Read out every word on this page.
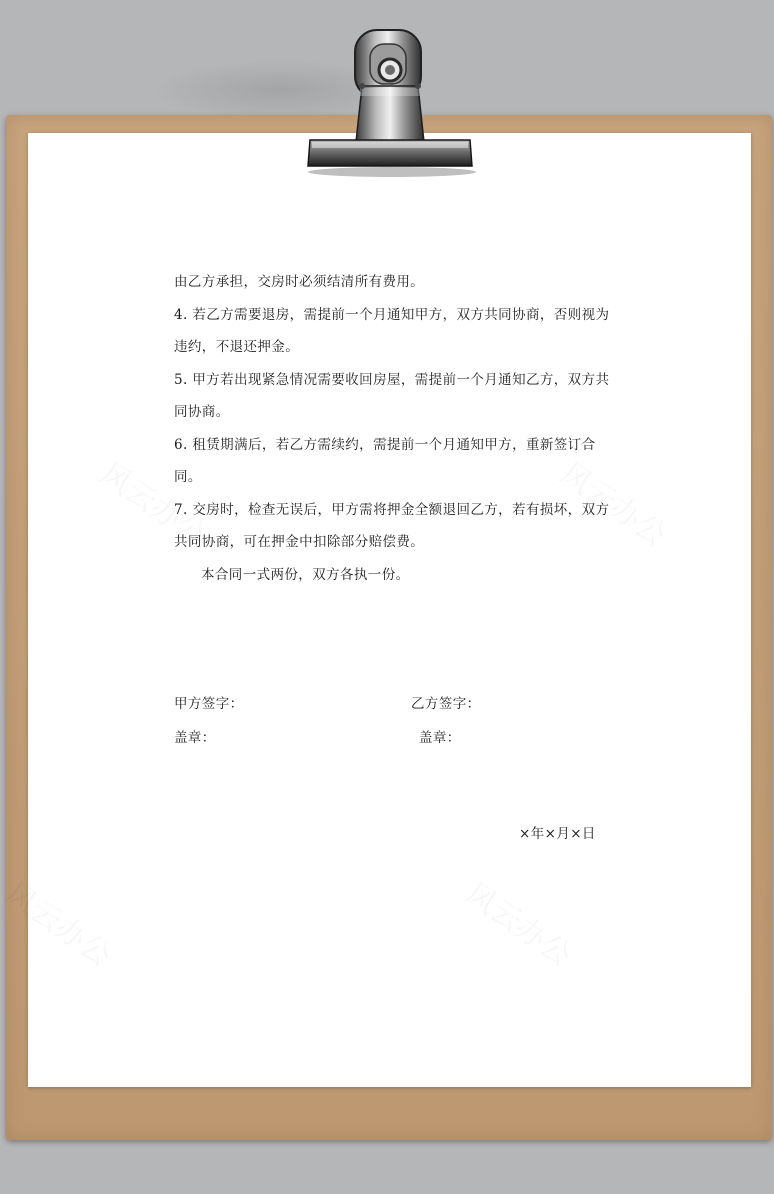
由乙方承担，交房时必须结清所有费用。

4. 若乙方需要退房，需提前一个月通知甲方，双方共同协商，否则视为违约，不退还押金。

5. 甲方若出现紧急情况需要收回房屋，需提前一个月通知乙方，双方共同协商。

6. 租赁期满后，若乙方需续约，需提前一个月通知甲方，重新签订合同。

7. 交房时，检查无误后，甲方需将押金全额退回乙方，若有损坏，双方共同协商，可在押金中扣除部分赔偿费。

本合同一式两份，双方各执一份。

甲方签字：	乙方签字：
盖章：	盖章：
×年×月×日
